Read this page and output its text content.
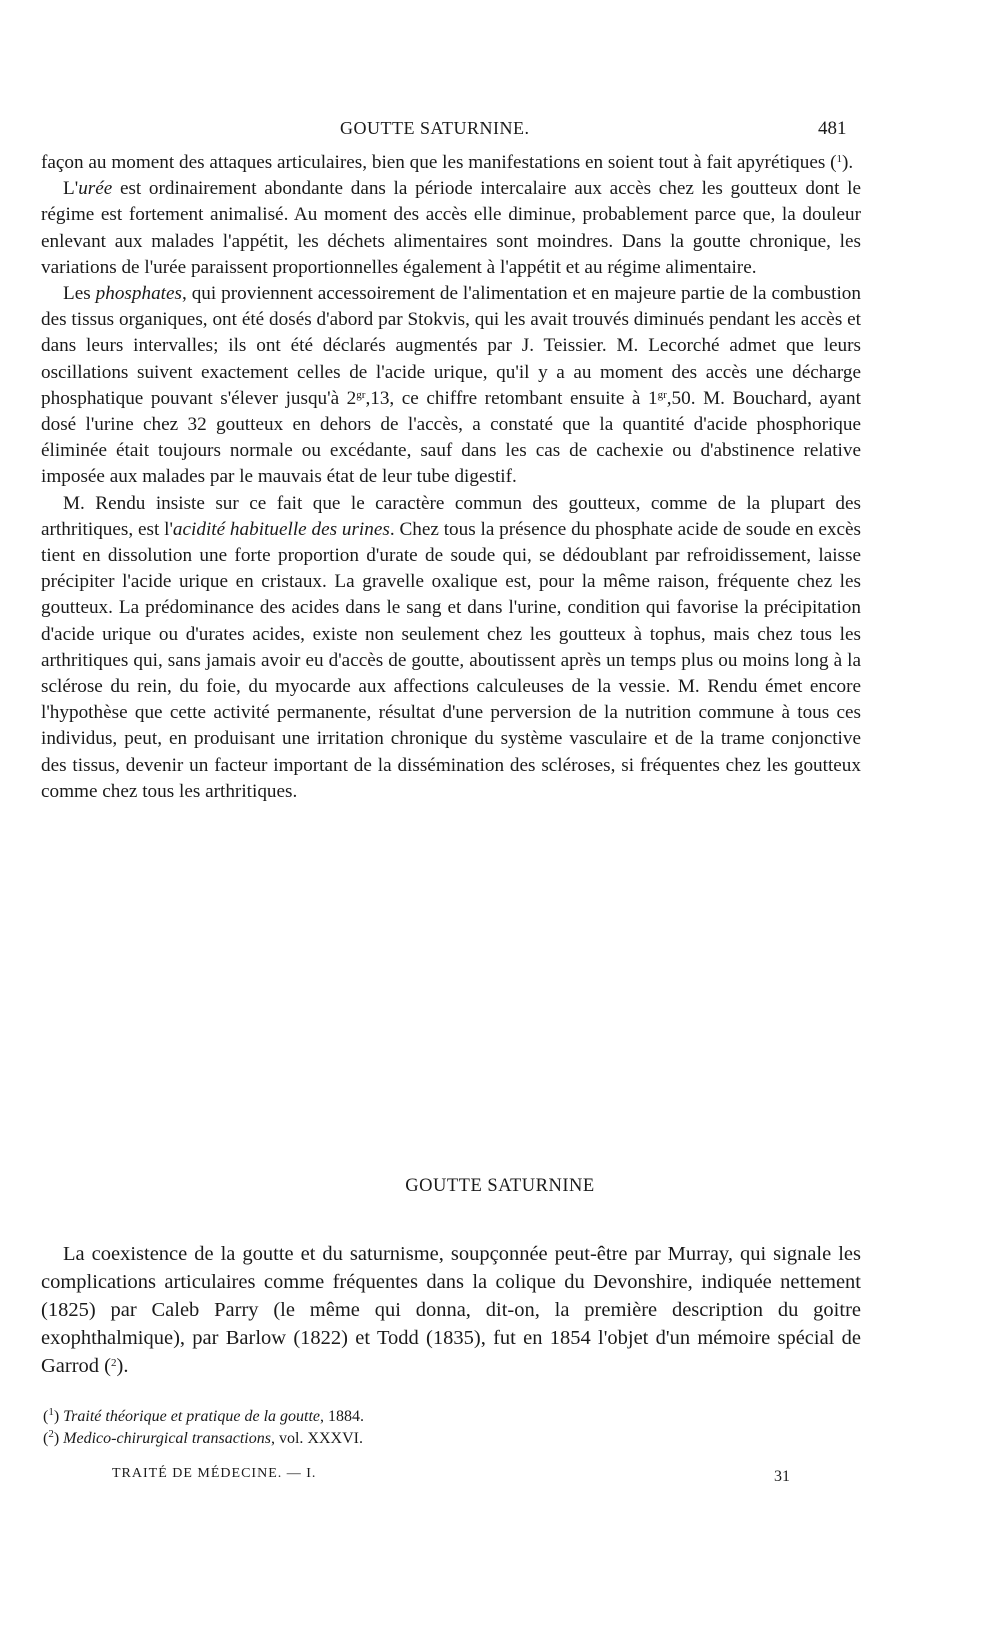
GOUTTE SATURNINE.	481

façon au moment des attaques articulaires, bien que les manifestations en soient tout à fait apyrétiques ($^1$).

L'urée est ordinairement abondante dans la période intercalaire aux accès chez les goutteux dont le régime est fortement animalisé. Au moment des accès elle diminue, probablement parce que, la douleur enlevant aux malades l'appétit, les déchets alimentaires sont moindres. Dans la goutte chronique, les variations de l'urée paraissent proportionnelles également à l'appétit et au régime alimentaire.

Les phosphates, qui proviennent accessoirement de l'alimentation et en majeure partie de la combustion des tissus organiques, ont été dosés d'abord par Stokvis, qui les avait trouvés diminués pendant les accès et dans leurs intervalles; ils ont été déclarés augmentés par J. Teissier. M. Lecorché admet que leurs oscillations suivent exactement celles de l'acide urique, qu'il y a au moment des accès une décharge phosphatique pouvant s'élever jusqu'à $2^{gr},13$, ce chiffre retombant ensuite à $1^{gr},50$. M. Bouchard, ayant dosé l'urine chez 32 goutteux en dehors de l'accès, a constaté que la quantité d'acide phosphorique éliminée était toujours normale ou excédante, sauf dans les cas de cachexie ou d'abstinence relative imposée aux malades par le mauvais état de leur tube digestif.

M. Rendu insiste sur ce fait que le caractère commun des goutteux, comme de la plupart des arthritiques, est l'acidité habituelle des urines. Chez tous la présence du phosphate acide de soude en excès tient en dissolution une forte proportion d'urate de soude qui, se dédoublant par refroidissement, laisse précipiter l'acide urique en cristaux. La gravelle oxalique est, pour la même raison, fréquente chez les goutteux. La prédominance des acides dans le sang et dans l'urine, condition qui favorise la précipitation d'acide urique ou d'urates acides, existe non seulement chez les goutteux à tophus, mais chez tous les arthritiques qui, sans jamais avoir eu d'accès de goutte, aboutissent après un temps plus ou moins long à la sclérose du rein, du foie, du myocarde aux affections calculeuses de la vessie. M. Rendu émet encore l'hypothèse que cette activité permanente, résultat d'une perversion de la nutrition commune à tous ces individus, peut, en produisant une irritation chronique du système vasculaire et de la trame conjonctive des tissus, devenir un facteur important de la dissémination des scléroses, si fréquentes chez les goutteux comme chez tous les arthritiques.

GOUTTE SATURNINE

La coexistence de la goutte et du saturnisme, soupçonnée peut-être par Murray, qui signale les complications articulaires comme fréquentes dans la colique du Devonshire, indiquée nettement (1825) par Caleb Parry (le même qui donna, dit-on, la première description du goitre exophthalmique), par Barlow (1822) et Todd (1835), fut en 1854 l'objet d'un mémoire spécial de Garrod ($^2$).

($^1$) Traité théorique et pratique de la goutte, 1884.

($^2$) Medico-chirurgical transactions, vol. XXXVI.

TRAITÉ DE MÉDECINE. — I.	31
